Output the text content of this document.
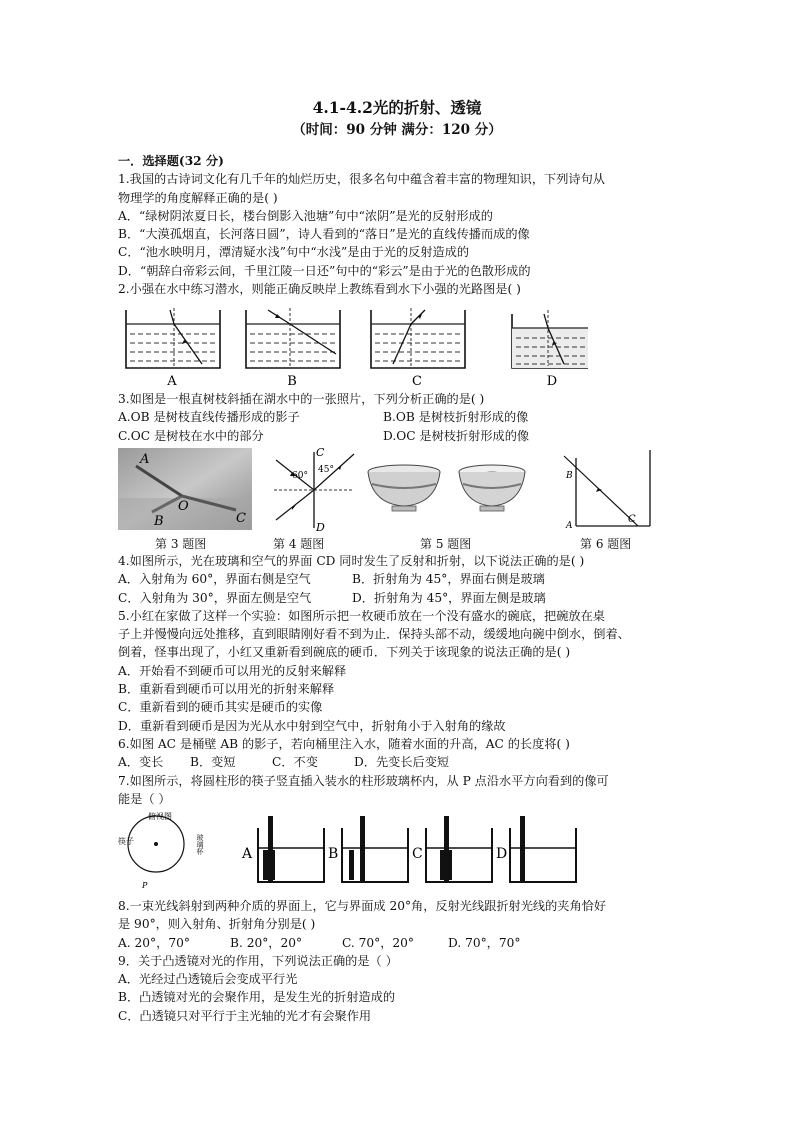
4.1-4.2光的折射、透镜
（时间：90 分钟 满分：120 分）
一．选择题(32 分)
1.我国的古诗词文化有几千年的灿烂历史，很多名句中蕴含着丰富的物理知识，下列诗句从
物理学的角度解释正确的是( )
A．“绿树阴浓夏日长，楼台倒影入池塘”句中“浓阴”是光的反射形成的
B．“大漠孤烟直，长河落日圆”，诗人看到的“落日”是光的直线传播而成的像
C．“池水映明月，潭清疑水浅”句中“水浅”是由于光的反射造成的
D．“朝辞白帝彩云间，千里江陵一日还”句中的“彩云”是由于光的色散形成的
2.小强在水中练习潜水，则能正确反映岸上教练看到水下小强的光路图是( )
A	B	C	D
3.如图是一根直树枝斜插在湖水中的一张照片，下列分析正确的是( )
A.OB 是树枝直线传播形成的影子	B.OB 是树枝折射形成的像
C.OC 是树枝在水中的部分	D.OC 是树枝折射形成的像
A
O
B	C
C
D
60°
45°
B
A
C
第 3 题图	第 4 题图	第 5 题图	第 6 题图
4.如图所示，光在玻璃和空气的界面 CD 同时发生了反射和折射，以下说法正确的是( )
A．入射角为 60°，界面右侧是空气	B．折射角为 45°，界面右侧是玻璃
C．入射角为 30°，界面左侧是空气	D．折射角为 45°，界面左侧是玻璃
5.小红在家做了这样一个实验：如图所示把一枚硬币放在一个没有盛水的碗底，把碗放在桌
子上并慢慢向远处推移，直到眼睛刚好看不到为止．保持头部不动，缓缓地向碗中倒水，倒着、
倒着，怪事出现了，小红又重新看到碗底的硬币．下列关于该现象的说法正确的是( )
A．开始看不到硬币可以用光的反射来解释
B．重新看到硬币可以用光的折射来解释
C．重新看到的硬币其实是硬币的实像
D．重新看到硬币是因为光从水中射到空气中，折射角小于入射角的缘故
6.如图 AC 是桶壁 AB 的影子，若向桶里注入水，随着水面的升高，AC 的长度将( )
A．变长 B．变短	C．不变	D．先变长后变短
7.如图所示，将圆柱形的筷子竖直插入装水的柱形玻璃杯内，从 P 点沿水平方向看到的像可
能是（ ）
俯视图
筷子	玻璃杯
P
A	B	C	D
8.一束光线斜射到两种介质的界面上，它与界面成 20°角，反射光线跟折射光线的夹角恰好
是 90°，则入射角、折射角分别是( )
A. 20°，70°	B. 20°，20°	C. 70°，20°	D. 70°，70°
9．关于凸透镜对光的作用，下列说法正确的是（ ）
A．光经过凸透镜后会变成平行光
B．凸透镜对光的会聚作用，是发生光的折射造成的
C．凸透镜只对平行于主光轴的光才有会聚作用
